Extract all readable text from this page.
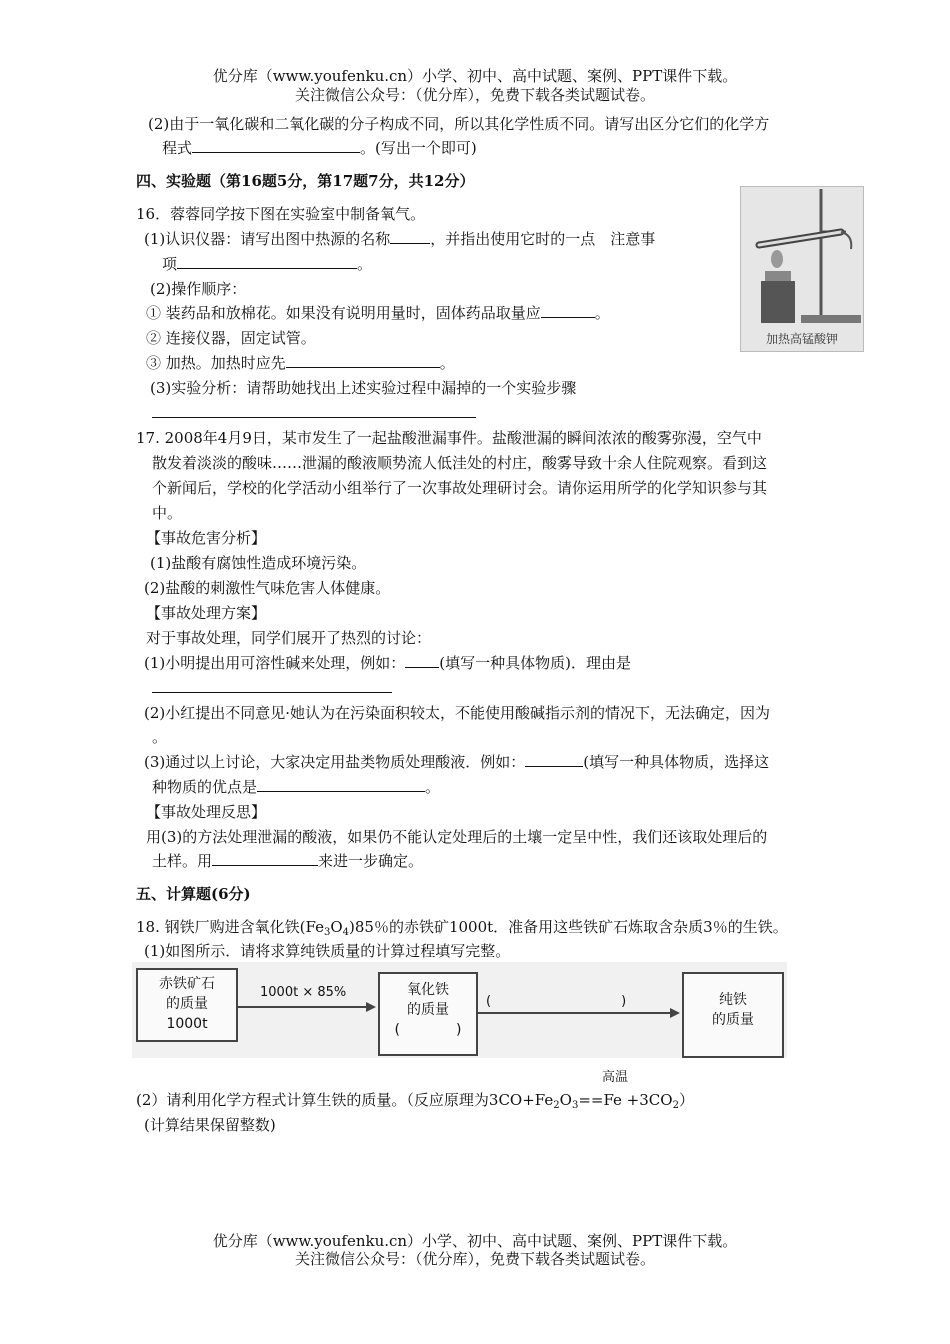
优分库（www.youfenku.cn）小学、初中、高中试题、案例、PPT课件下载。
关注微信公众号：（优分库），免费下载各类试题试卷。
(2)由于一氧化碳和二氧化碳的分子构成不同，所以其化学性质不同。请写出区分它们的化学方
程式	。(写出一个即可)
四、实验题（第16题5分，第17题7分，共12分）
16．蓉蓉同学按下图在实验室中制备氧气。
(1)认识仪器：请写出图中热源的名称	，并指出使用它时的一点　注意事
项	。
(2)操作顺序：
① 装药品和放棉花。如果没有说明用量时，固体药品取量应	。
② 连接仪器，固定试管。
③ 加热。加热时应先	。
(3)实验分析：请帮助她找出上述实验过程中漏掉的一个实验步骤
加热高锰酸钾
17. 2008年4月9日，某市发生了一起盐酸泄漏事件。盐酸泄漏的瞬间浓浓的酸雾弥漫，空气中
散发着淡淡的酸味……泄漏的酸液顺势流人低洼处的村庄，酸雾导致十余人住院观察。看到这
个新闻后，学校的化学活动小组举行了一次事故处理研讨会。请你运用所学的化学知识参与其
中。
【事故危害分析】
(1)盐酸有腐蚀性造成环境污染。
(2)盐酸的刺激性气味危害人体健康。
【事故处理方案】
对于事故处理，同学们展开了热烈的讨论：
(1)小明提出用可溶性碱来处理，例如： (填写一种具体物质)．理由是
(2)小红提出不同意见·她认为在污染面积较太，不能使用酸碱指示剂的情况下，无法确定，因为
。
(3)通过以上讨论，大家决定用盐类物质处理酸液．例如：	(填写一种具体物质，选择这
种物质的优点是	。
【事故处理反思】
用(3)的方法处理泄漏的酸液，如果仍不能认定处理后的土壤一定呈中性，我们还该取处理后的
土样。用	来进一步确定。
五、计算题(6分)
18. 钢铁厂购进含氧化铁$(Fe_3O_4)85$％的赤铁矿1000t．准备用这些铁矿石炼取含杂质3％的生铁。
(1)如图所示．请将求算纯铁质量的计算过程填写完整。
赤铁矿石
的质量
1000t
1000t × 85%	氧化铁
的质量
(　　　　)
(　　　　　　　　　　)	纯铁
的质量
高温
(2）请利用化学方程式计算生铁的质量。（反应原理为$3CO+Fe_2O_3==Fe +3CO_2$）
(计算结果保留整数)
优分库（www.youfenku.cn）小学、初中、高中试题、案例、PPT课件下载。
关注微信公众号：（优分库），免费下载各类试题试卷。
